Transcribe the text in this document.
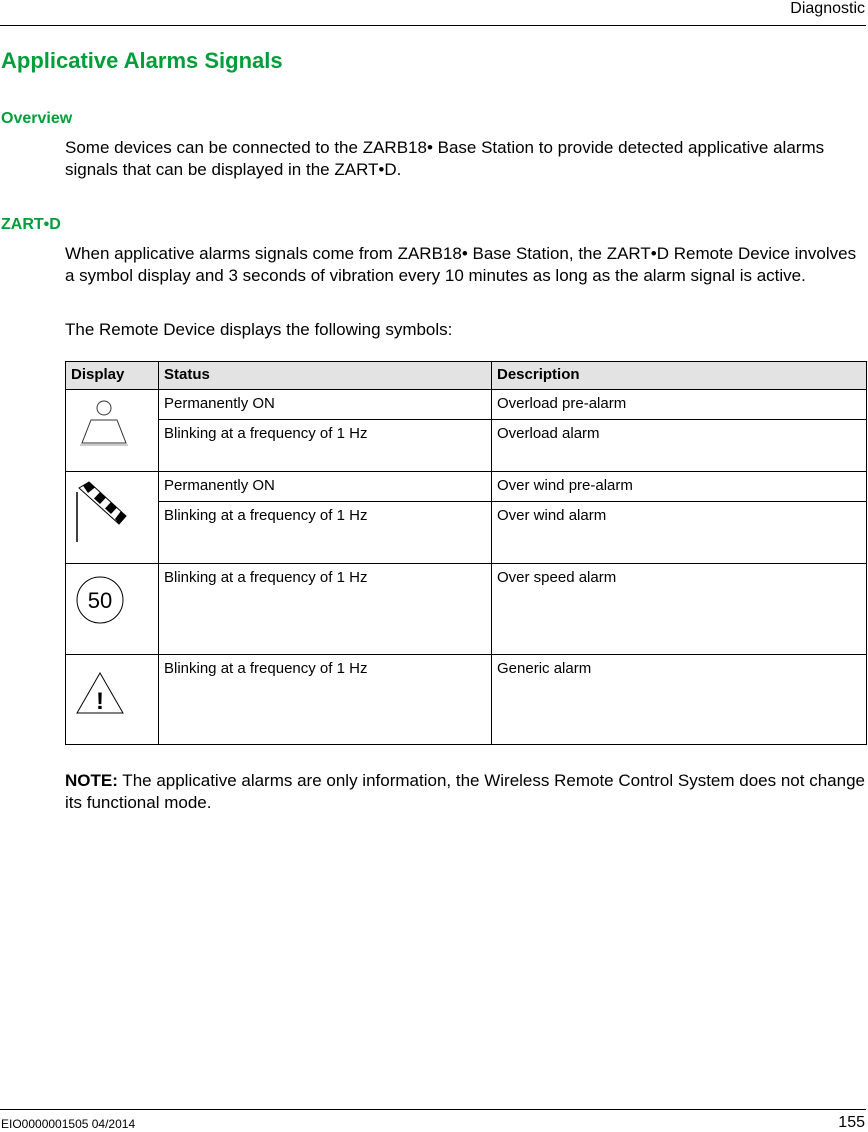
Diagnostic
Applicative Alarms Signals
Overview
Some devices can be connected to the ZARB18• Base Station to provide detected applicative alarms signals that can be displayed in the ZART•D.
ZART•D
When applicative alarms signals come from ZARB18• Base Station, the ZART•D Remote Device involves a symbol display and 3 seconds of vibration every 10 minutes as long as the alarm signal is active.
The Remote Device displays the following symbols:
Display	Status	Description

	Permanently ON	Overload pre-alarm
	Blinking at a frequency of 1 Hz	Overload alarm

	Permanently ON	Over wind pre-alarm
	Blinking at a frequency of 1 Hz	Over wind alarm

50	Blinking at a frequency of 1 Hz	Over speed alarm

!	Blinking at a frequency of 1 Hz	Generic alarm
NOTE: The applicative alarms are only information, the Wireless Remote Control System does not change its functional mode.
EIO0000001505 04/2014	155
